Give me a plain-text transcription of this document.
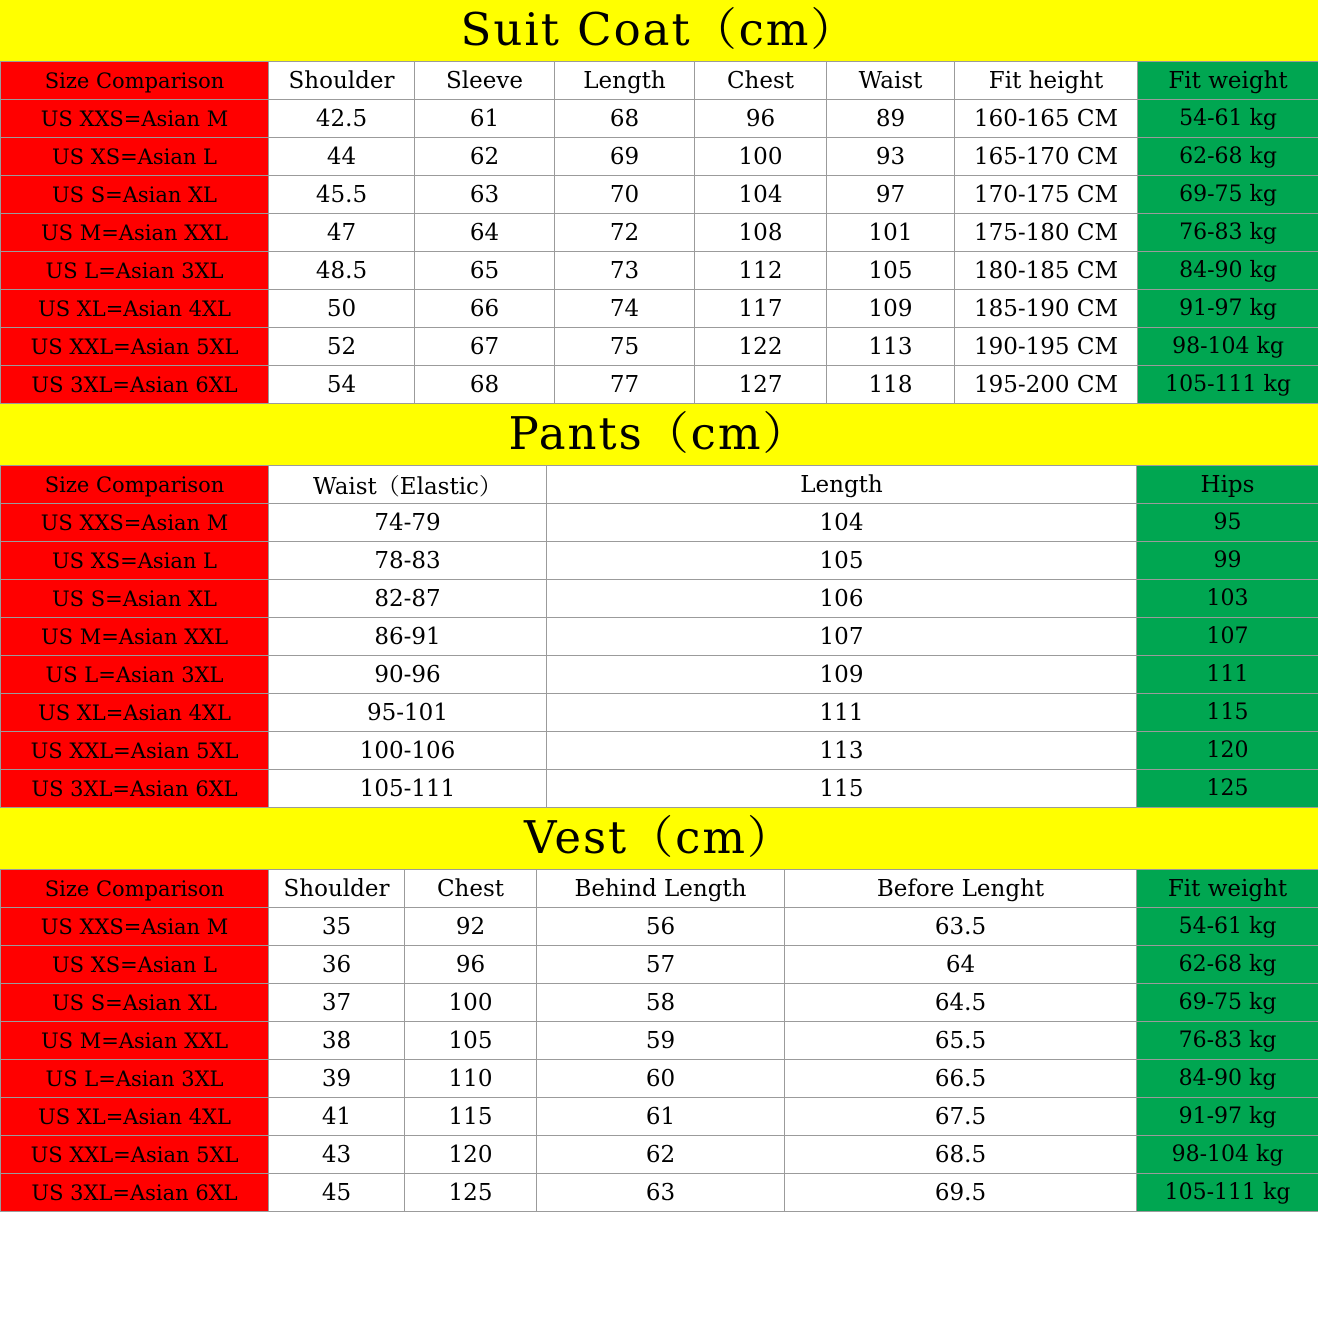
Suit Coat（cm）
Size Comparison	Shoulder	Sleeve	Length	Chest	Waist	Fit height	Fit weight
US XXS=Asian M	42.5	61	68	96	89	160-165 CM	54-61 kg
US XS=Asian L	44	62	69	100	93	165-170 CM	62-68 kg
US S=Asian XL	45.5	63	70	104	97	170-175 CM	69-75 kg
US M=Asian XXL	47	64	72	108	101	175-180 CM	76-83 kg
US L=Asian 3XL	48.5	65	73	112	105	180-185 CM	84-90 kg
US XL=Asian 4XL	50	66	74	117	109	185-190 CM	91-97 kg
US XXL=Asian 5XL	52	67	75	122	113	190-195 CM	98-104 kg
US 3XL=Asian 6XL	54	68	77	127	118	195-200 CM	105-111 kg
Pants（cm）
Size Comparison	Waist（Elastic）	Length	Hips
US XXS=Asian M	74-79	104	95
US XS=Asian L	78-83	105	99
US S=Asian XL	82-87	106	103
US M=Asian XXL	86-91	107	107
US L=Asian 3XL	90-96	109	111
US XL=Asian 4XL	95-101	111	115
US XXL=Asian 5XL	100-106	113	120
US 3XL=Asian 6XL	105-111	115	125
Vest（cm）
Size Comparison	Shoulder	Chest	Behind Length	Before Lenght	Fit weight
US XXS=Asian M	35	92	56	63.5	54-61 kg
US XS=Asian L	36	96	57	64	62-68 kg
US S=Asian XL	37	100	58	64.5	69-75 kg
US M=Asian XXL	38	105	59	65.5	76-83 kg
US L=Asian 3XL	39	110	60	66.5	84-90 kg
US XL=Asian 4XL	41	115	61	67.5	91-97 kg
US XXL=Asian 5XL	43	120	62	68.5	98-104 kg
US 3XL=Asian 6XL	45	125	63	69.5	105-111 kg
